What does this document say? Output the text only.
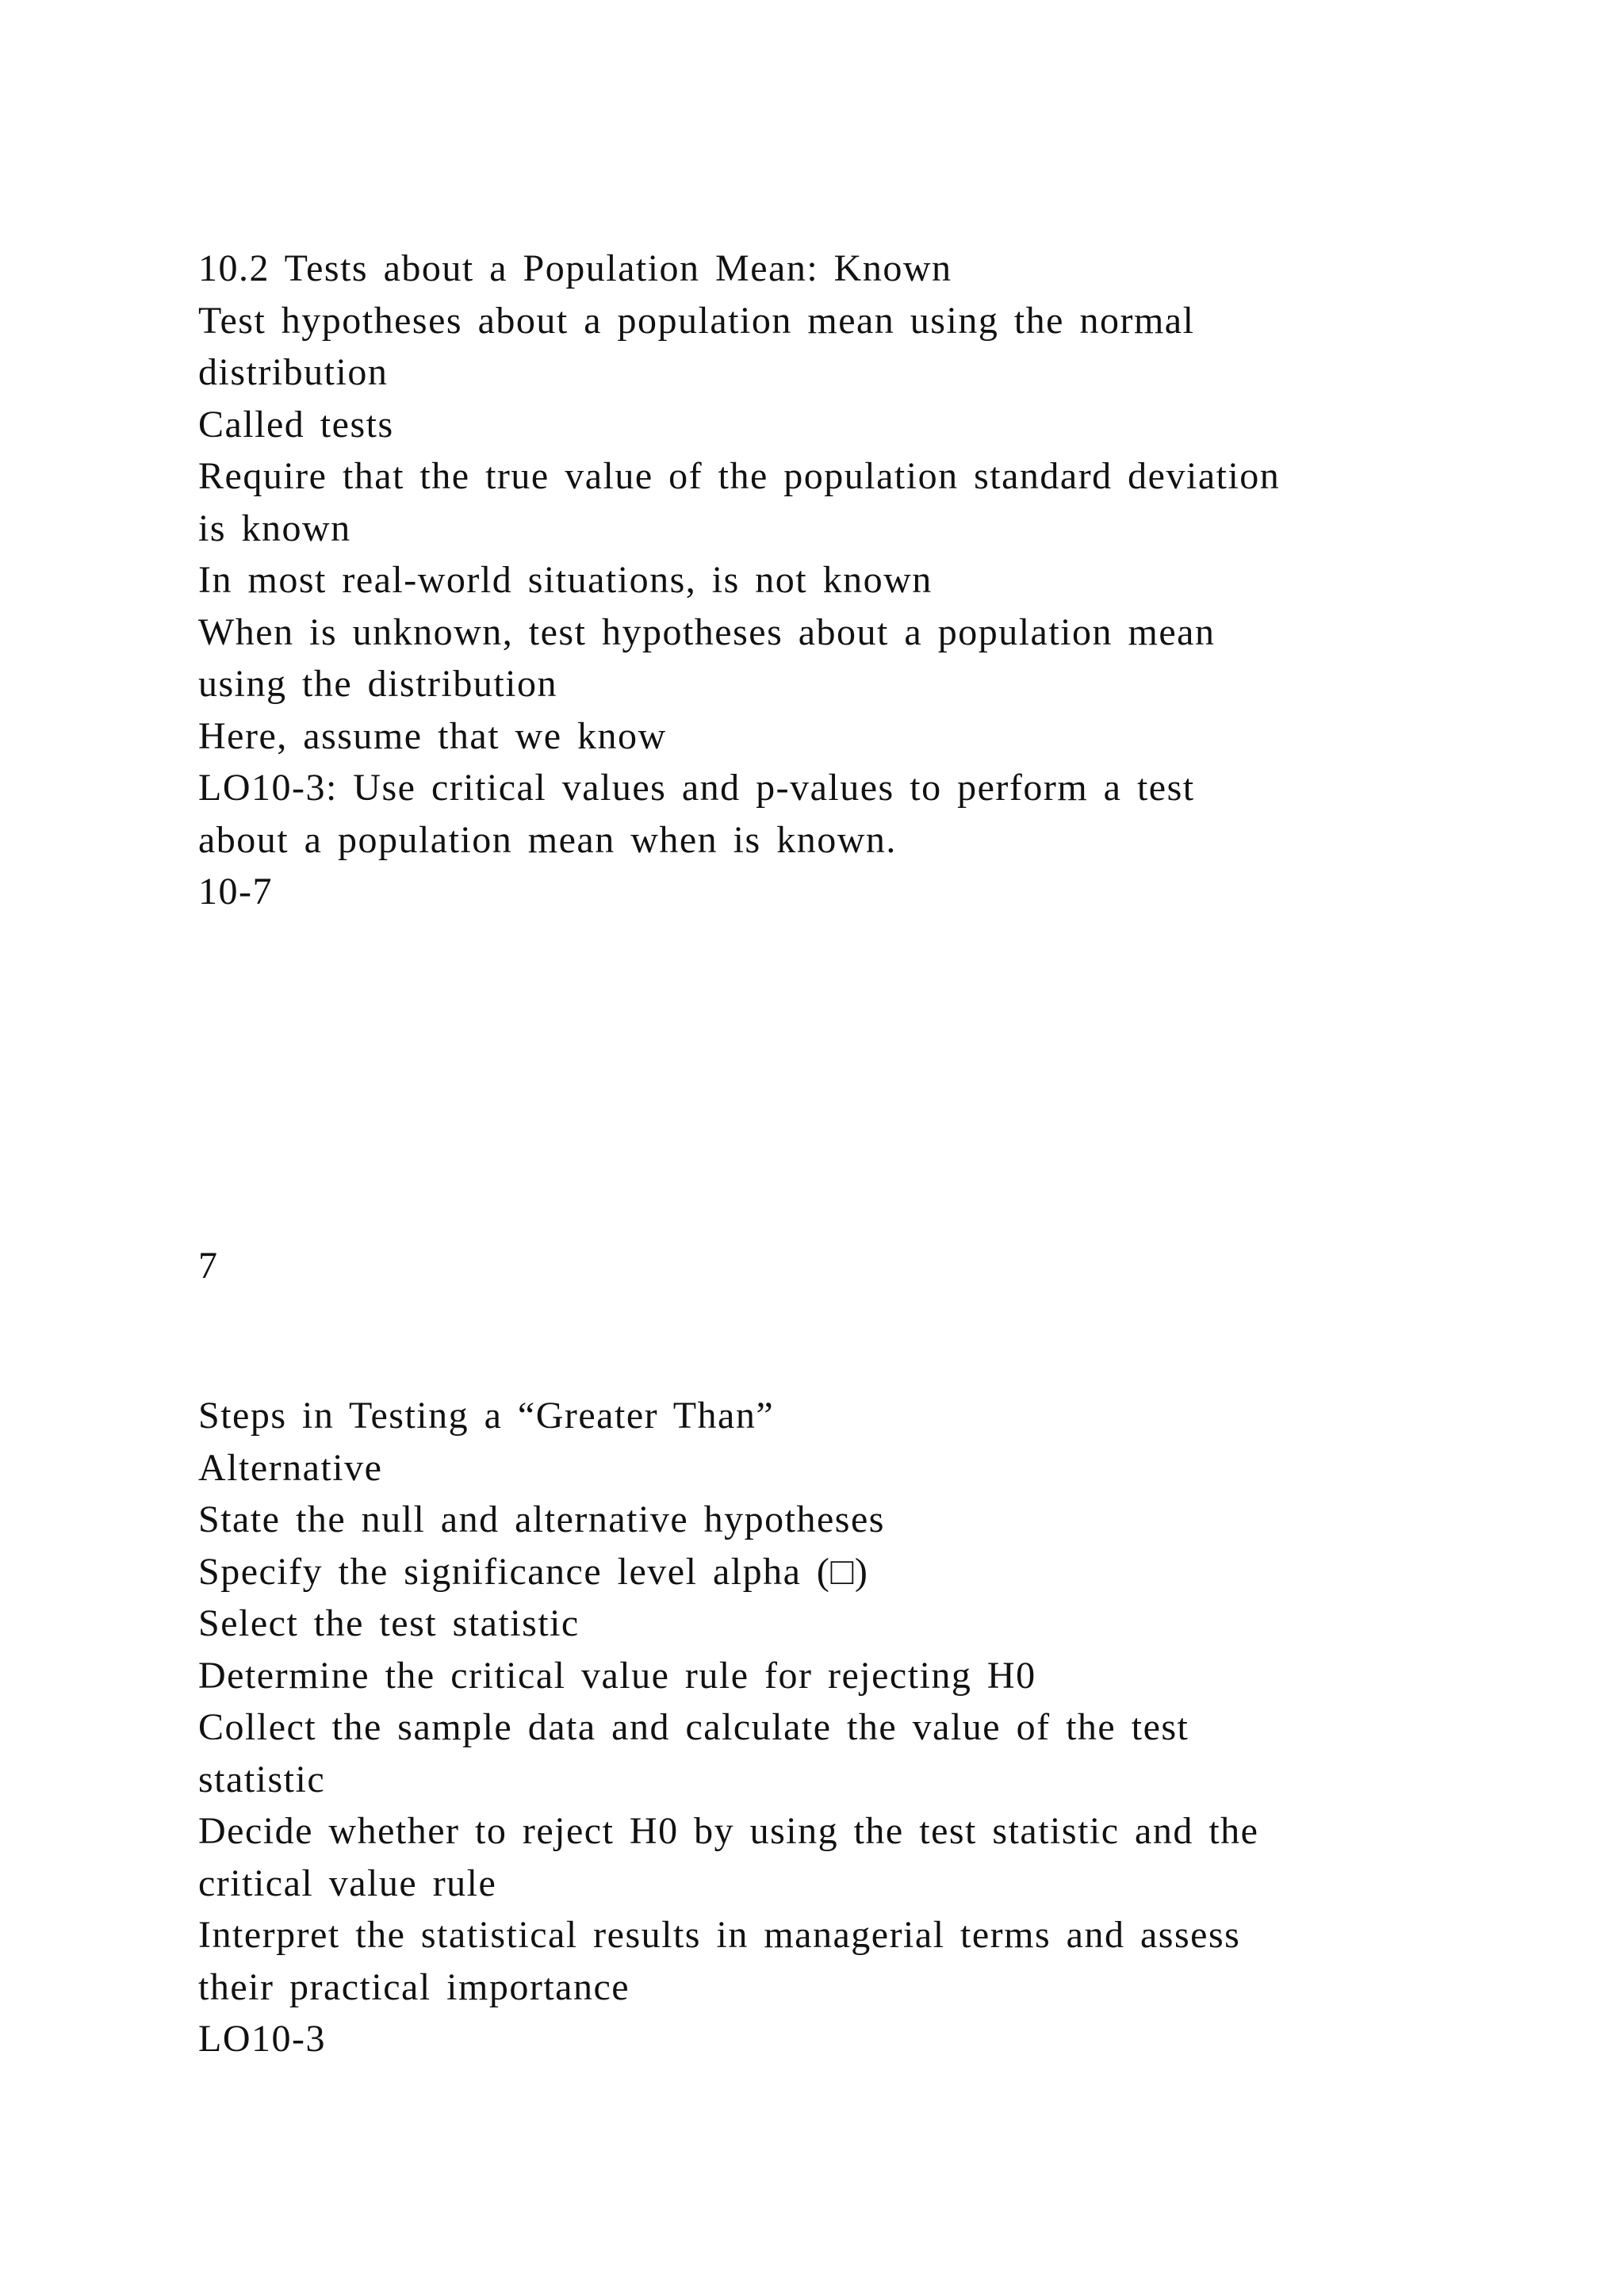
10.2 Tests about a Population Mean: Known
Test hypotheses about a population mean using the normal
distribution
Called tests
Require that the true value of the population standard deviation
is known
In most real-world situations, is not known
When is unknown, test hypotheses about a population mean
using the distribution
Here, assume that we know
LO10-3: Use critical values and p-values to perform a test
about a population mean when is known.
10-7
7
Steps in Testing a “Greater Than”
Alternative
State the null and alternative hypotheses
Specify the significance level alpha (□)
Select the test statistic
Determine the critical value rule for rejecting H0
Collect the sample data and calculate the value of the test
statistic
Decide whether to reject H0 by using the test statistic and the
critical value rule
Interpret the statistical results in managerial terms and assess
their practical importance
LO10-3
